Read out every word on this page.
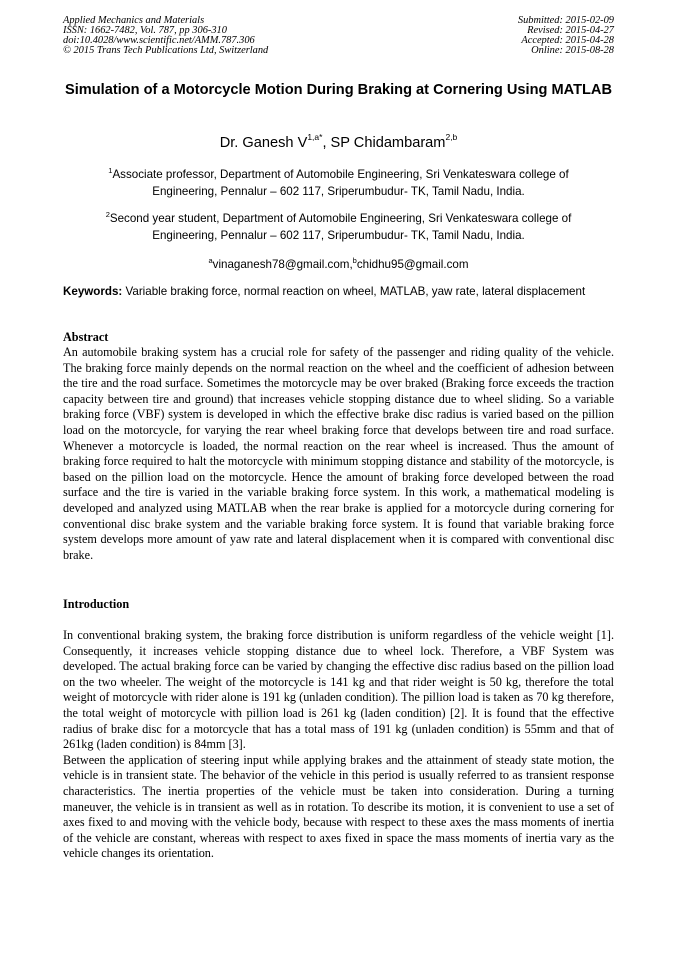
Applied Mechanics and Materials
ISSN: 1662-7482, Vol. 787, pp 306-310
doi:10.4028/www.scientific.net/AMM.787.306
© 2015 Trans Tech Publications Ltd, Switzerland
Submitted: 2015-02-09
Revised: 2015-04-27
Accepted: 2015-04-28
Online: 2015-08-28
Simulation of a Motorcycle Motion During Braking at Cornering Using MATLAB
Dr. Ganesh $V^{1,a*}$, SP Chidambaram$^{2,b}$
$^1$Associate professor, Department of Automobile Engineering, Sri Venkateswara college of Engineering, Pennalur – 602 117, Sriperumbudur- TK, Tamil Nadu, India.
$^2$Second year student, Department of Automobile Engineering, Sri Venkateswara college of Engineering, Pennalur – 602 117, Sriperumbudur- TK, Tamil Nadu, India.
$^a$vinaganesh78@gmail.com,$^b$chidhu95@gmail.com
Keywords: Variable braking force, normal reaction on wheel, MATLAB, yaw rate, lateral displacement
Abstract
An automobile braking system has a crucial role for safety of the passenger and riding quality of the vehicle. The braking force mainly depends on the normal reaction on the wheel and the coefficient of adhesion between the tire and the road surface. Sometimes the motorcycle may be over braked (Braking force exceeds the traction capacity between tire and ground) that increases vehicle stopping distance due to wheel sliding. So a variable braking force (VBF) system is developed in which the effective brake disc radius is varied based on the pillion load on the motorcycle, for varying the rear wheel braking force that develops between tire and road surface. Whenever a motorcycle is loaded, the normal reaction on the rear wheel is increased. Thus the amount of braking force required to halt the motorcycle with minimum stopping distance and stability of the motorcycle, is based on the pillion load on the motorcycle. Hence the amount of braking force developed between the road surface and the tire is varied in the variable braking force system. In this work, a mathematical modeling is developed and analyzed using MATLAB when the rear brake is applied for a motorcycle during cornering for conventional disc brake system and the variable braking force system. It is found that variable braking force system develops more amount of yaw rate and lateral displacement when it is compared with conventional disc brake.
Introduction

In conventional braking system, the braking force distribution is uniform regardless of the vehicle weight [1]. Consequently, it increases vehicle stopping distance due to wheel lock. Therefore, a VBF System was developed. The actual braking force can be varied by changing the effective disc radius based on the pillion load on the two wheeler. The weight of the motorcycle is 141 kg and that rider weight is 50 kg, therefore the total weight of motorcycle with rider alone is 191 kg (unladen condition). The pillion load is taken as 70 kg therefore, the total weight of motorcycle with pillion load is 261 kg (laden condition) [2]. It is found that the effective radius of brake disc for a motorcycle that has a total mass of 191 kg (unladen condition) is 55mm and that of 261kg (laden condition) is 84mm [3].

Between the application of steering input while applying brakes and the attainment of steady state motion, the vehicle is in transient state. The behavior of the vehicle in this period is usually referred to as transient response characteristics. The inertia properties of the vehicle must be taken into consideration. During a turning maneuver, the vehicle is in transient as well as in rotation. To describe its motion, it is convenient to use a set of axes fixed to and moving with the vehicle body, because with respect to these axes the mass moments of inertia of the vehicle are constant, whereas with respect to axes fixed in space the mass moments of inertia vary as the vehicle changes its orientation.
